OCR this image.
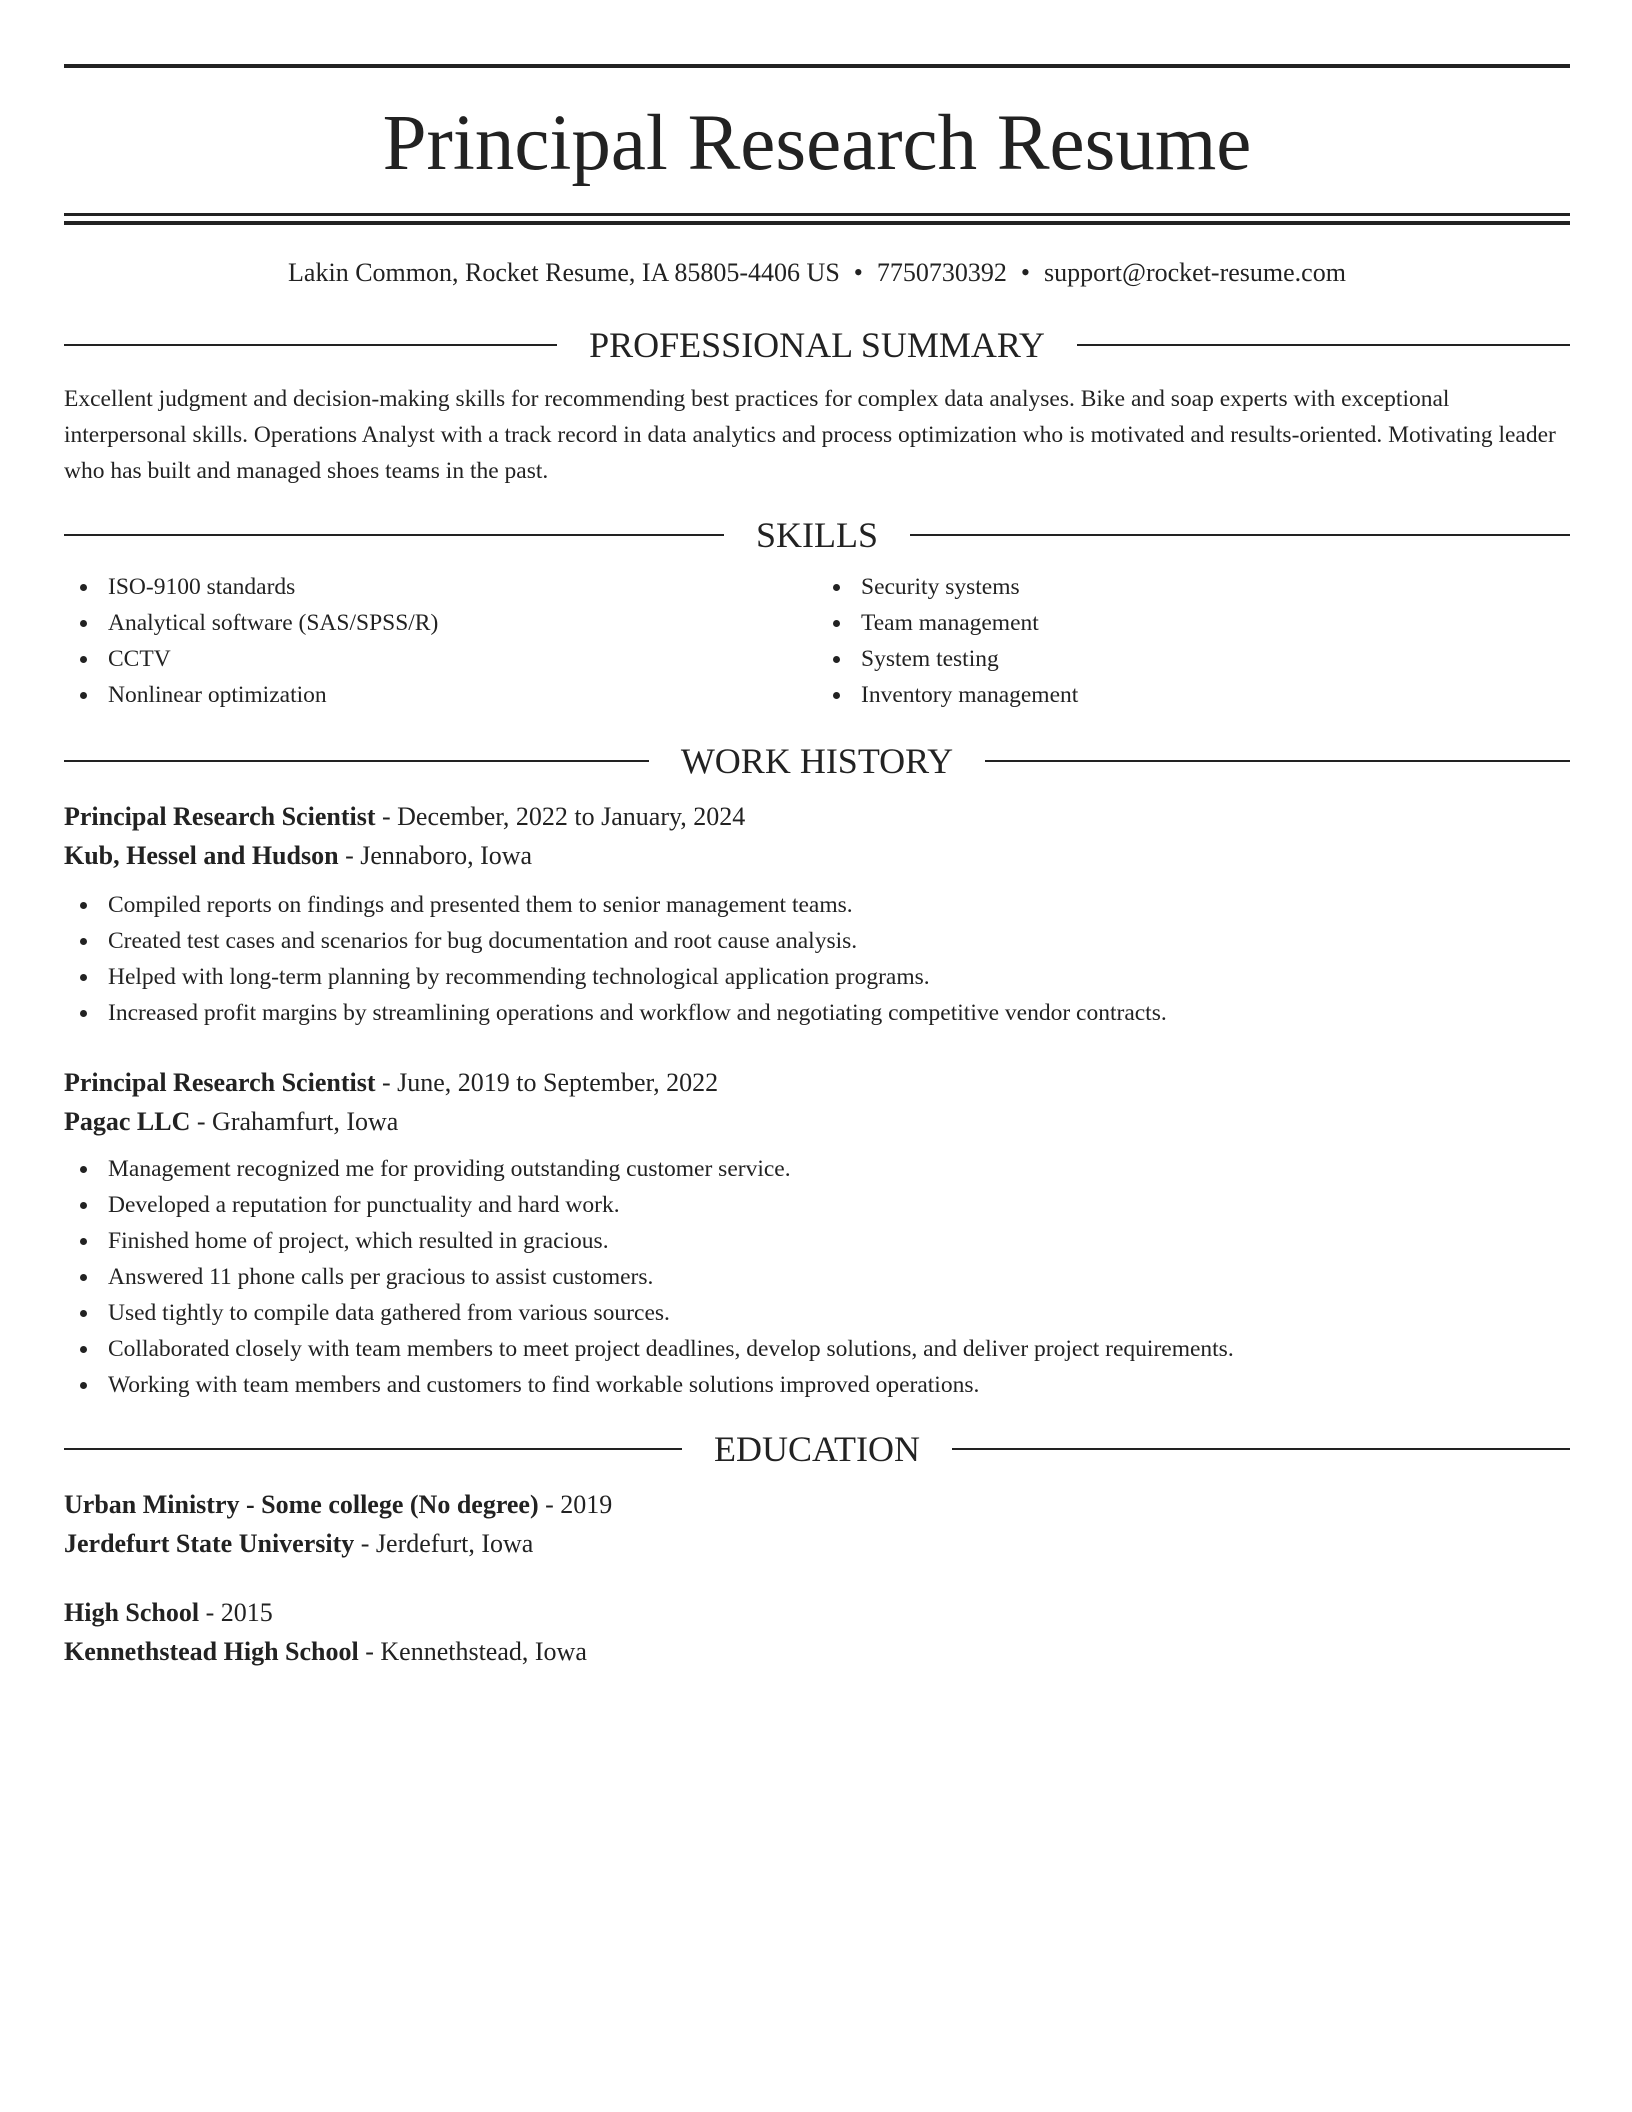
Principal Research Resume
Lakin Common, Rocket Resume, IA 85805-4406 US • 7750730392 • support@rocket-resume.com
PROFESSIONAL SUMMARY

Excellent judgment and decision-making skills for recommending best practices for complex data analyses. Bike and soap experts with exceptional interpersonal skills. Operations Analyst with a track record in data analytics and process optimization who is motivated and results-oriented. Motivating leader who has built and managed shoes teams in the past.

SKILLS
ISO-9100 standards
Analytical software (SAS/SPSS/R)
CCTV
Nonlinear optimization
Security systems
Team management
System testing
Inventory management
WORK HISTORY
Principal Research Scientist - December, 2022 to January, 2024
Kub, Hessel and Hudson - Jennaboro, Iowa
Compiled reports on findings and presented them to senior management teams.
Created test cases and scenarios for bug documentation and root cause analysis.
Helped with long-term planning by recommending technological application programs.
Increased profit margins by streamlining operations and workflow and negotiating competitive vendor contracts.
Principal Research Scientist - June, 2019 to September, 2022
Pagac LLC - Grahamfurt, Iowa
Management recognized me for providing outstanding customer service.
Developed a reputation for punctuality and hard work.
Finished home of project, which resulted in gracious.
Answered 11 phone calls per gracious to assist customers.
Used tightly to compile data gathered from various sources.
Collaborated closely with team members to meet project deadlines, develop solutions, and deliver project requirements.
Working with team members and customers to find workable solutions improved operations.
EDUCATION
Urban Ministry - Some college (No degree) - 2019
Jerdefurt State University - Jerdefurt, Iowa
High School - 2015
Kennethstead High School - Kennethstead, Iowa
